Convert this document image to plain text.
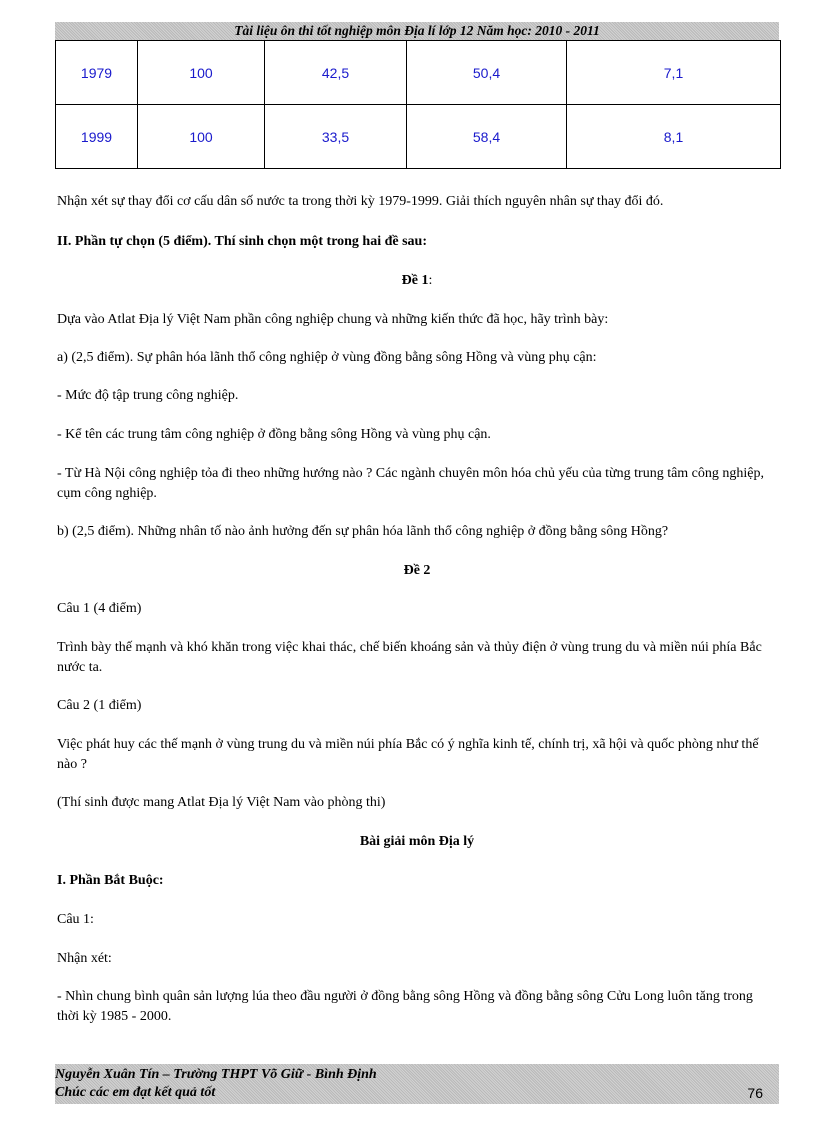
Tài liệu ôn thi tốt nghiệp môn Địa lí lớp 12 Năm học: 2010 - 2011
1979	100	42,5	50,4	7,1
1999	100	33,5	58,4	8,1

Nhận xét sự thay đổi cơ cấu dân số nước ta trong thời kỳ 1979-1999. Giải thích nguyên nhân sự thay đổi đó.

II. Phần tự chọn (5 điểm). Thí sinh chọn một trong hai đề sau:

Đề 1:

Dựa vào Atlat Địa lý Việt Nam phần công nghiệp chung và những kiến thức đã học, hãy trình bày:

a) (2,5 điểm). Sự phân hóa lãnh thổ công nghiệp ở vùng đồng bằng sông Hồng và vùng phụ cận:

- Mức độ tập trung công nghiệp.

- Kể tên các trung tâm công nghiệp ở đồng bằng sông Hồng và vùng phụ cận.

- Từ Hà Nội công nghiệp tỏa đi theo những hướng nào ? Các ngành chuyên môn hóa chủ yếu của từng trung tâm công nghiệp, cụm công nghiệp.

b) (2,5 điểm). Những nhân tố nào ảnh hưởng đến sự phân hóa lãnh thổ công nghiệp ở đồng bằng sông Hồng?

Đề 2

Câu 1 (4 điểm)

Trình bày thế mạnh và khó khăn trong việc khai thác, chế biến khoáng sản và thủy điện ở vùng trung du và miền núi phía Bắc nước ta.

Câu 2 (1 điểm)

Việc phát huy các thế mạnh ở vùng trung du và miền núi phía Bắc có ý nghĩa kinh tế, chính trị, xã hội và quốc phòng như thế nào ?

(Thí sinh được mang Atlat Địa lý Việt Nam vào phòng thi)

Bài giải môn Địa lý

I. Phần Bắt Buộc:

Câu 1:

Nhận xét:

- Nhìn chung bình quân sản lượng lúa theo đầu người ở đồng bằng sông Hồng và đồng bằng sông Cửu Long luôn tăng trong thời kỳ 1985 - 2000.

Nguyễn Xuân Tín – Trường THPT Võ Giữ - Bình Định
Chúc các em đạt kết quả tốt	76
